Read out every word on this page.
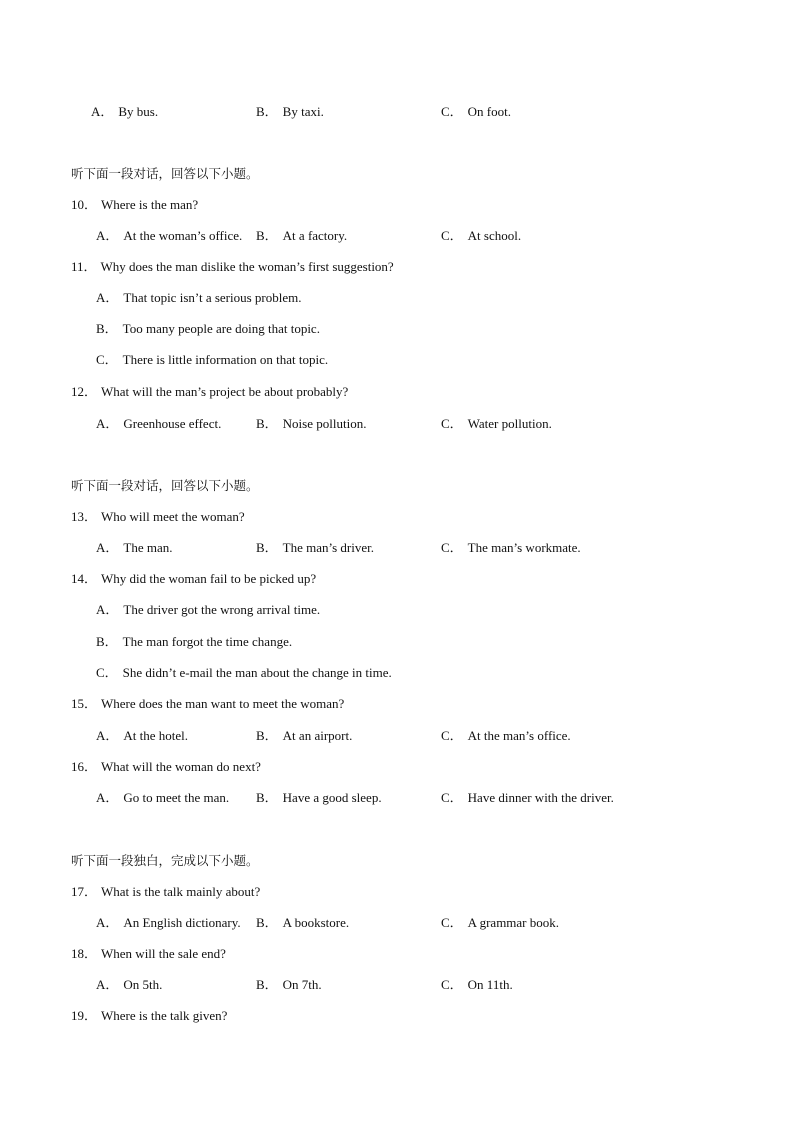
A． By bus.	B． By taxi.	C． On foot.
听下面一段对话，回答以下小题。
10． Where is the man?
A． At the woman’s office. B． At a factory.	C． At school.
11． Why does the man dislike the woman’s first suggestion?
A． That topic isn’t a serious problem.
B． Too many people are doing that topic.
C． There is little information on that topic.
12． What will the man’s project be about probably?
A． Greenhouse effect.	B． Noise pollution.	C． Water pollution.
听下面一段对话，回答以下小题。
13． Who will meet the woman?
A． The man.	B． The man’s driver.	C． The man’s workmate.
14． Why did the woman fail to be picked up?
A． The driver got the wrong arrival time.
B． The man forgot the time change.
C． She didn’t e-mail the man about the change in time.
15． Where does the man want to meet the woman?
A． At the hotel.	B． At an airport.	C． At the man’s office.
16． What will the woman do next?
A． Go to meet the man. B． Have a good sleep.	C． Have dinner with the driver.
听下面一段独白，完成以下小题。
17． What is the talk mainly about?
A． An English dictionary. B． A bookstore.	C． A grammar book.
18． When will the sale end?
A． On 5th.	B． On 7th.	C． On 11th.
19． Where is the talk given?
